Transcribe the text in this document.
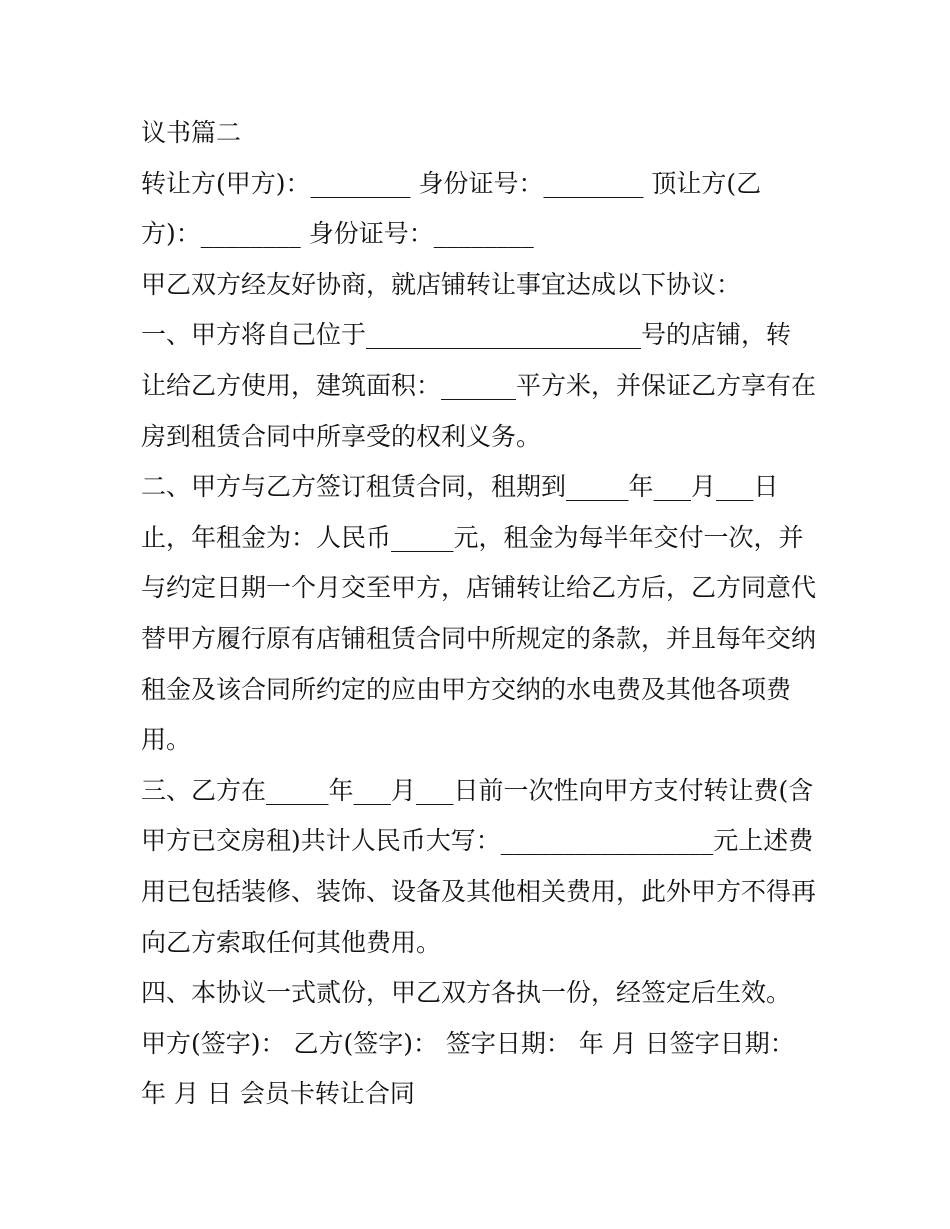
议书篇二
转让方(甲方)：________ 身份证号：________ 顶让方(乙
方)：________ 身份证号：________
甲乙双方经友好协商，就店铺转让事宜达成以下协议：
一、甲方将自己位于______________________号的店铺，转
让给乙方使用，建筑面积：______平方米，并保证乙方享有在
房到租赁合同中所享受的权利义务。
二、甲方与乙方签订租赁合同，租期到_____年___月___日
止，年租金为：人民币_____元，租金为每半年交付一次，并
与约定日期一个月交至甲方，店铺转让给乙方后，乙方同意代
替甲方履行原有店铺租赁合同中所规定的条款，并且每年交纳
租金及该合同所约定的应由甲方交纳的水电费及其他各项费
用。
三、乙方在_____年___月___日前一次性向甲方支付转让费(含
甲方已交房租)共计人民币大写：_________________元上述费
用已包括装修、装饰、设备及其他相关费用，此外甲方不得再
向乙方索取任何其他费用。
四、本协议一式贰份，甲乙双方各执一份，经签定后生效。
甲方(签字)： 乙方(签字)： 签字日期： 年 月 日签字日期：
年 月 日 会员卡转让合同
